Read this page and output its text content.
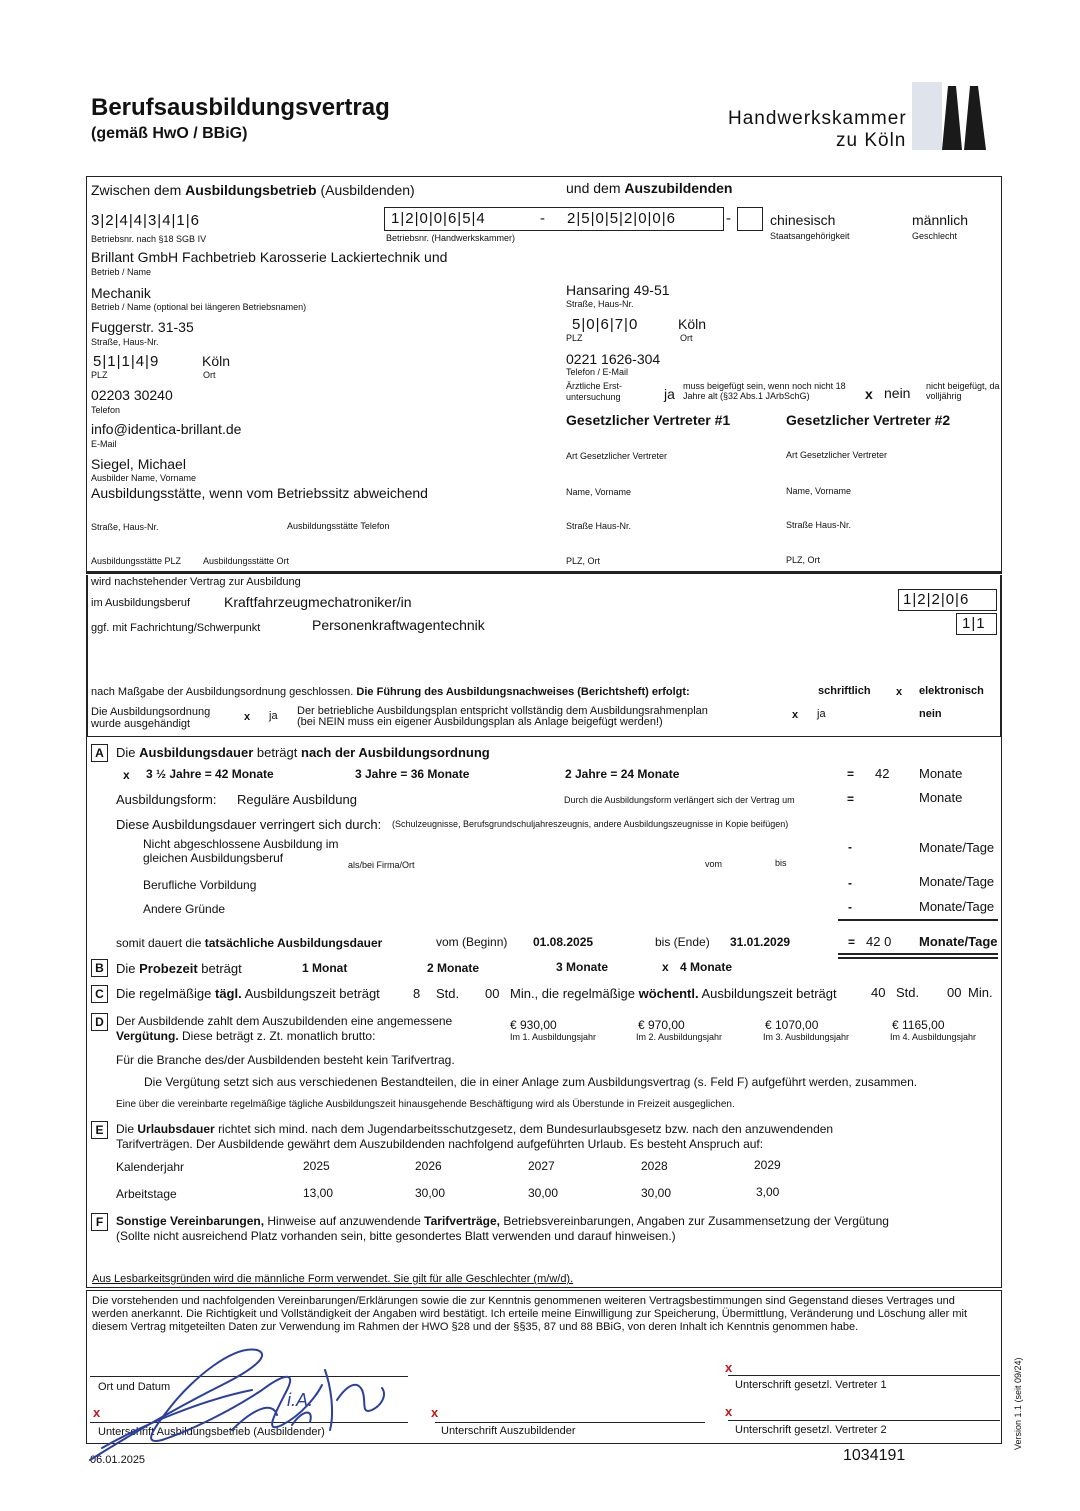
Berufsausbildungsvertrag
(gemäß HwO / BBiG)
Handwerkskammer
zu Köln
Zwischen dem Ausbildungsbetrieb (Ausbildenden)	und dem Auszubildenden
3|2|4|4|3|4|1|6
Betriebsnr. nach §18 SGB IV
1|2|0|0|6|5|4	- 2|5|0|5|2|0|0|6	-
Betriebsnr. (Handwerkskammer)
chinesisch
Staatsangehörigkeit
männlich
Geschlecht
Brillant GmbH Fachbetrieb Karosserie Lackiertechnik und
Betrieb / Name
Mechanik
Betrieb / Name (optional bei längeren Betriebsnamen)
Fuggerstr. 31-35
Straße, Haus-Nr.
5|1|1|4|9	Köln
PLZ	Ort
02203 30240
Telefon
info@identica-brillant.de
E-Mail
Siegel, Michael
Ausbilder Name, Vorname
Ausbildungsstätte, wenn vom Betriebssitz abweichend
Straße, Haus-Nr.	Ausbildungsstätte Telefon
Ausbildungsstätte PLZ Ausbildungsstätte Ort
Hansaring 49-51
Straße, Haus-Nr.
5|0|6|7|0	Köln
PLZ	Ort
0221 1626-304
Telefon / E-Mail
Ärztliche Erst-untersuchung	ja muss beigefügt sein, wenn noch nicht 18 Jahre alt (§32 Abs.1 JArbSchG)	x nein nicht beigefügt, da volljährig
Gesetzlicher Vertreter #1	Gesetzlicher Vertreter #2
Art Gesetzlicher Vertreter	Art Gesetzlicher Vertreter
Name, Vorname	Name, Vorname
Straße Haus-Nr.	Straße Haus-Nr.
PLZ, Ort	PLZ, Ort
wird nachstehender Vertrag zur Ausbildung
im Ausbildungsberuf Kraftfahrzeugmechatroniker/in	1|2|2|0|6
ggf. mit Fachrichtung/Schwerpunkt	Personenkraftwagentechnik	1|1
nach Maßgabe der Ausbildungsordnung geschlossen. Die Führung des Ausbildungsnachweises (Berichtsheft) erfolgt:	schriftlich x elektronisch
Die Ausbildungsordnung wurde ausgehändigt
x ja Der betriebliche Ausbildungsplan entspricht vollständig dem Ausbildungsrahmenplan (bei NEIN muss ein eigener Ausbildungsplan als Anlage beigefügt werden!)
x ja	nein
A Die Ausbildungsdauer beträgt nach der Ausbildungsordnung
x 3 ½ Jahre = 42 Monate	3 Jahre = 36 Monate	2 Jahre = 24 Monate	= 42 Monate
Ausbildungsform: Reguläre Ausbildung	Durch die Ausbildungsform verlängert sich der Vertrag um	=	Monate
Diese Ausbildungsdauer verringert sich durch: (Schulzeugnisse, Berufsgrundschuljahreszeugnis, andere Ausbildungszeugnisse in Kopie beifügen)
Nicht abgeschlossene Ausbildung im gleichen Ausbildungsberuf	als/bei Firma/Ort	vom	bis
-	Monate/Tage
Berufliche Vorbildung	-	Monate/Tage
Andere Gründe	-	Monate/Tage
somit dauert die tatsächliche Ausbildungsdauer	vom (Beginn) 01.08.2025	bis (Ende) 31.01.2029	= 42 0 Monate/Tage
B Die Probezeit beträgt	1 Monat	2 Monate	3 Monate	x 4 Monate
C Die regelmäßige tägl. Ausbildungszeit beträgt	8 Std. 00 Min., die regelmäßige wöchentl. Ausbildungszeit beträgt	40 Std. 00 Min.
D	Der Ausbildende zahlt dem Auszubildenden eine angemessene
Vergütung. Diese beträgt z. Zt. monatlich brutto:
€ 930,00
Im 1. Ausbildungsjahr
€ 970,00
Im 2. Ausbildungsjahr
€ 1070,00
Im 3. Ausbildungsjahr
€ 1165,00
Im 4. Ausbildungsjahr
Für die Branche des/der Ausbildenden besteht kein Tarifvertrag.
Die Vergütung setzt sich aus verschiedenen Bestandteilen, die in einer Anlage zum Ausbildungsvertrag (s. Feld F) aufgeführt werden, zusammen.
Eine über die vereinbarte regelmäßige tägliche Ausbildungszeit hinausgehende Beschäftigung wird als Überstunde in Freizeit ausgeglichen.
E	Die Urlaubsdauer richtet sich mind. nach dem Jugendarbeitsschutzgesetz, dem Bundesurlaubsgesetz bzw. nach den anzuwendenden
Tarifverträgen. Der Ausbildende gewährt dem Auszubildenden nachfolgend aufgeführten Urlaub. Es besteht Anspruch auf:
Kalenderjahr
Arbeitstage
2025	2026	2027	2028	2029
13,00	30,00	30,00	30,00	3,00
F	Sonstige Vereinbarungen, Hinweise auf anzuwendende Tarifverträge, Betriebsvereinbarungen, Angaben zur Zusammensetzung der Vergütung
(Sollte nicht ausreichend Platz vorhanden sein, bitte gesondertes Blatt verwenden und darauf hinweisen.)
Aus Lesbarkeitsgründen wird die männliche Form verwendet. Sie gilt für alle Geschlechter (m/w/d).
Die vorstehenden und nachfolgenden Vereinbarungen/Erklärungen sowie die zur Kenntnis genommenen weiteren Vertragsbestimmungen sind Gegenstand dieses Vertrages und werden anerkannt. Die Richtigkeit und Vollständigkeit der Angaben wird bestätigt. Ich erteile meine Einwilligung zur Speicherung, Übermittlung, Veränderung und Löschung aller mit diesem Vertrag mitgeteilten Daten zur Verwendung im Rahmen der HWO §28 und der §§35, 87 und 88 BBiG, von deren Inhalt ich Kenntnis genommen habe.
Ort und Datum
x
Unterschrift gesetzl. Vertreter 1
x	x	x
Unterschrift Ausbildungsbetrieb (Ausbildender)	Unterschrift Auszubildender	Unterschrift gesetzl. Vertreter 2
06.01.2025	1034191
Version 1.1 (seit 09/24)
i.A.
